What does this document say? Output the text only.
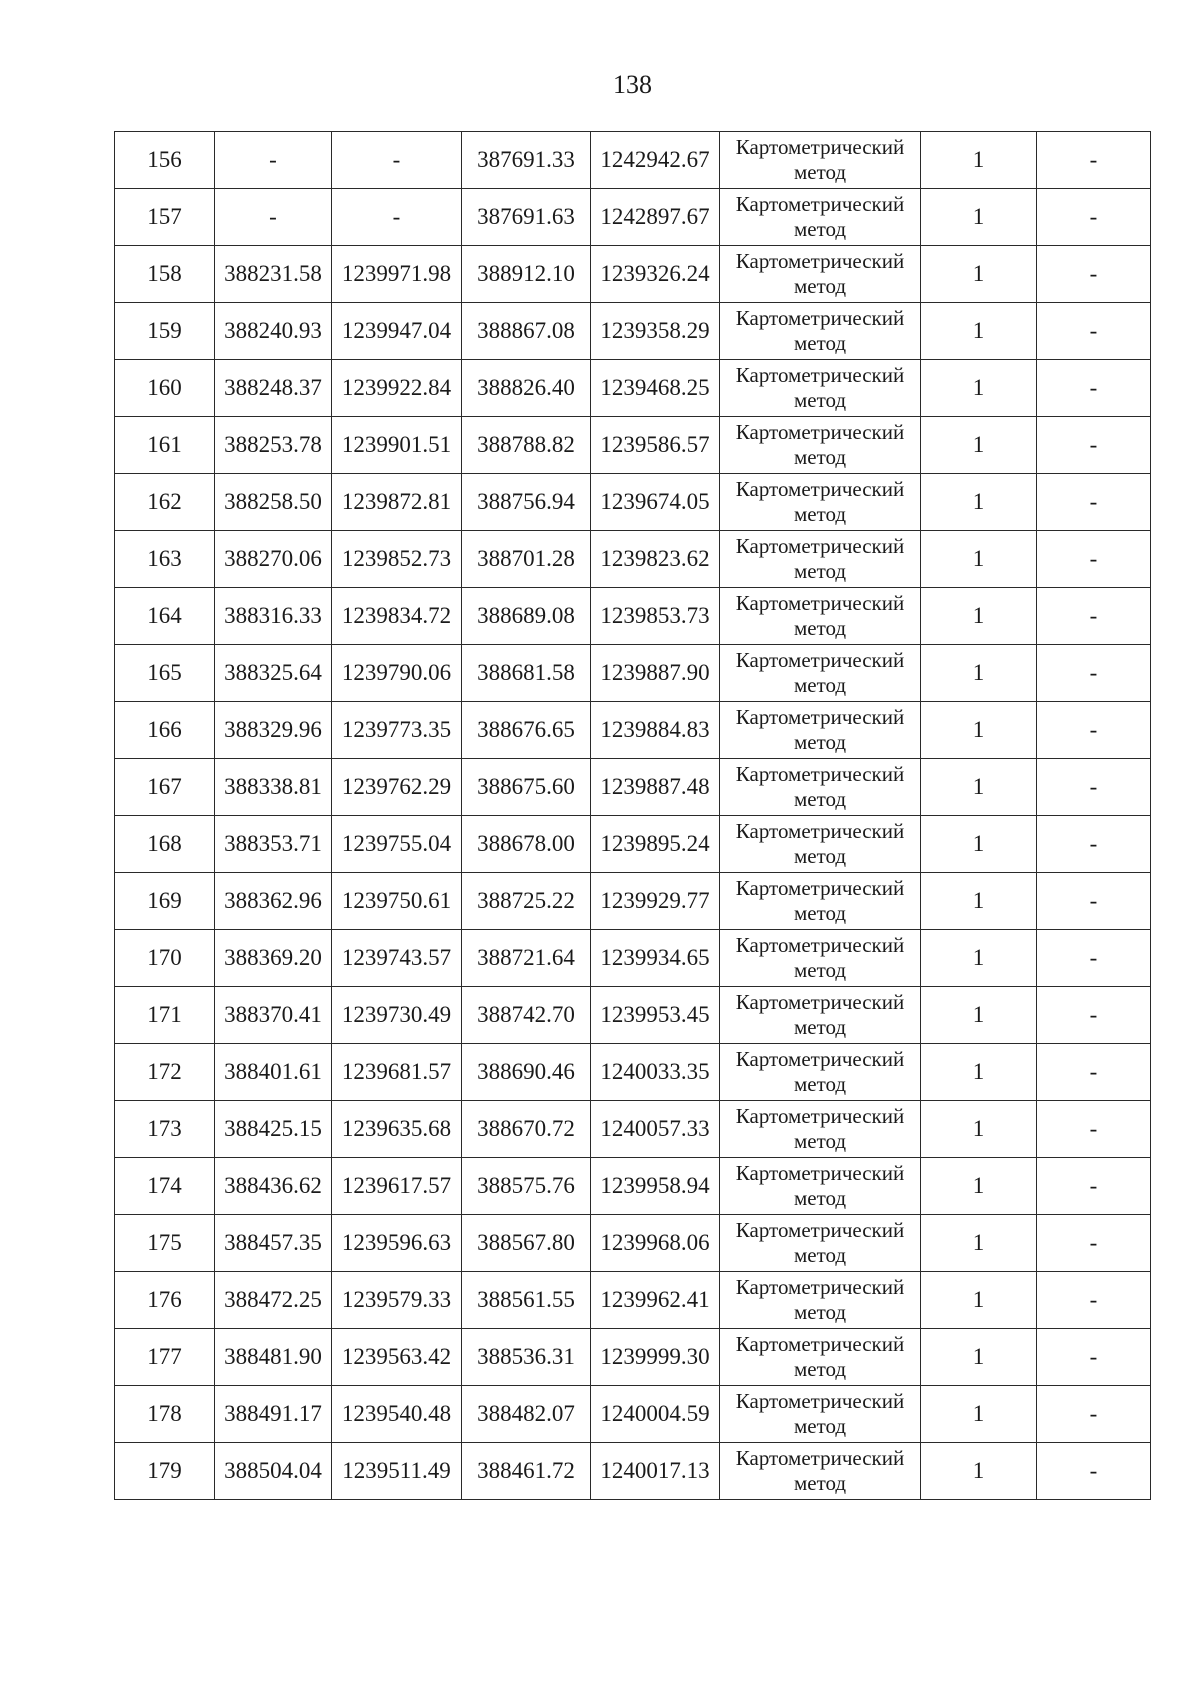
138
156	-	-	387691.33	1242942.67	Картометрический метод	1	-
157	-	-	387691.63	1242897.67	Картометрический метод	1	-
158	388231.58	1239971.98	388912.10	1239326.24	Картометрический метод	1	-
159	388240.93	1239947.04	388867.08	1239358.29	Картометрический метод	1	-
160	388248.37	1239922.84	388826.40	1239468.25	Картометрический метод	1	-
161	388253.78	1239901.51	388788.82	1239586.57	Картометрический метод	1	-
162	388258.50	1239872.81	388756.94	1239674.05	Картометрический метод	1	-
163	388270.06	1239852.73	388701.28	1239823.62	Картометрический метод	1	-
164	388316.33	1239834.72	388689.08	1239853.73	Картометрический метод	1	-
165	388325.64	1239790.06	388681.58	1239887.90	Картометрический метод	1	-
166	388329.96	1239773.35	388676.65	1239884.83	Картометрический метод	1	-
167	388338.81	1239762.29	388675.60	1239887.48	Картометрический метод	1	-
168	388353.71	1239755.04	388678.00	1239895.24	Картометрический метод	1	-
169	388362.96	1239750.61	388725.22	1239929.77	Картометрический метод	1	-
170	388369.20	1239743.57	388721.64	1239934.65	Картометрический метод	1	-
171	388370.41	1239730.49	388742.70	1239953.45	Картометрический метод	1	-
172	388401.61	1239681.57	388690.46	1240033.35	Картометрический метод	1	-
173	388425.15	1239635.68	388670.72	1240057.33	Картометрический метод	1	-
174	388436.62	1239617.57	388575.76	1239958.94	Картометрический метод	1	-
175	388457.35	1239596.63	388567.80	1239968.06	Картометрический метод	1	-
176	388472.25	1239579.33	388561.55	1239962.41	Картометрический метод	1	-
177	388481.90	1239563.42	388536.31	1239999.30	Картометрический метод	1	-
178	388491.17	1239540.48	388482.07	1240004.59	Картометрический метод	1	-
179	388504.04	1239511.49	388461.72	1240017.13	Картометрический метод	1	-
